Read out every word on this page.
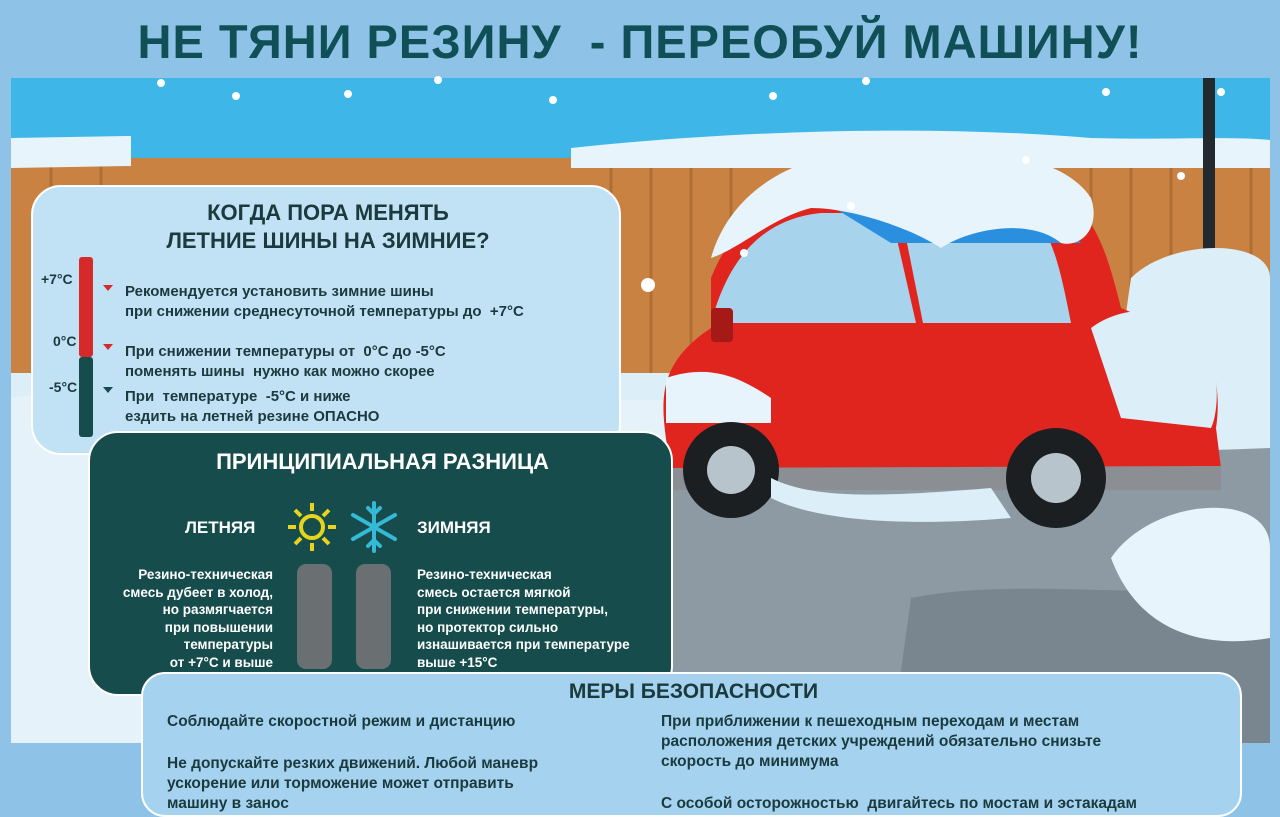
НЕ ТЯНИ РЕЗИНУ  - ПЕРЕОБУЙ МАШИНУ!

КОГДА ПОРА МЕНЯТЬ
ЛЕТНИЕ ШИНЫ НА ЗИМНИЕ?

+7°C

0°C

-5°C

Рекомендуется установить зимние шины
при снижении среднесуточной температуры до  +7°C

При снижении температуры от  0°C до -5°C
поменять шины  нужно как можно скорее

При  температуре  -5°C и ниже
ездить на летней резине ОПАСНО

ПРИНЦИПИАЛЬНАЯ РАЗНИЦА

ЛЕТНЯЯ	ЗИМНЯЯ

Резино-техническая
смесь дубеет в холод,
но размягчается
при повышении
температуры
от +7°C и выше

Резино-техническая
смесь остается мягкой
при снижении температуры,
но протектор сильно
изнашивается при температуре
выше +15°C

МЕРЫ БЕЗОПАСНОСТИ

Соблюдайте скоростной режим и дистанцию

Не допускайте резких движений. Любой маневр
ускорение или торможение может отправить
машину в занос

При приближении к пешеходным переходам и местам
расположения детских учреждений обязательно снизьте
скорость до минимума

С особой осторожностью  двигайтесь по мостам и эстакадам
